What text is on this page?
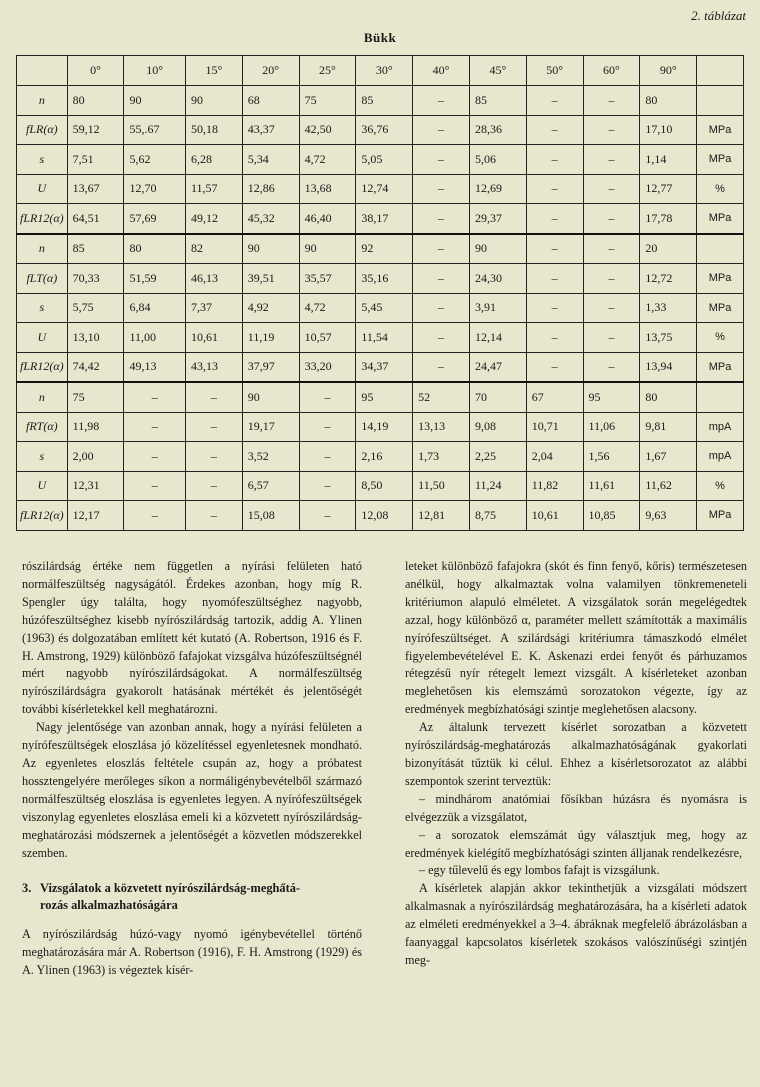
2. táblázat
Bükk
	0°	10°	15°	20°	25°	30°	40°	45°	50°	60°	90°	
n	80	90	90	68	75	85	–	85	–	–	80	
fLR(α)	59,12	55,.67	50,18	43,37	42,50	36,76	–	28,36	–	–	17,10	MPa
s	7,51	5,62	6,28	5,34	4,72	5,05	–	5,06	–	–	1,14	MPa
U	13,67	12,70	11,57	12,86	13,68	12,74	–	12,69	–	–	12,77	%
fLR12(α)	64,51	57,69	49,12	45,32	46,40	38,17	–	29,37	–	–	17,78	MPa
n	85	80	82	90	90	92	–	90	–	–	20	
fLT(α)	70,33	51,59	46,13	39,51	35,57	35,16	–	24,30	–	–	12,72	MPa
s	5,75	6,84	7,37	4,92	4,72	5,45	–	3,91	–	–	1,33	MPa
U	13,10	11,00	10,61	11,19	10,57	11,54	–	12,14	–	–	13,75	%
fLR12(α)	74,42	49,13	43,13	37,97	33,20	34,37	–	24,47	–	–	13,94	MPa
n	75	–	–	90	–	95	52	70	67	95	80	
fRT(α)	11,98	–	–	19,17	–	14,19	13,13	9,08	10,71	11,06	9,81	mpA
s	2,00	–	–	3,52	–	2,16	1,73	2,25	2,04	1,56	1,67	mpA
U	12,31	–	–	6,57	–	8,50	11,50	11,24	11,82	11,61	11,62	%
fLR12(α)	12,17	–	–	15,08	–	12,08	12,81	8,75	10,61	10,85	9,63	MPa

rószilárdság értéke nem független a nyírási felületen ható normálfeszültség nagyságától. Érdekes azonban, hogy míg R. Spengler úgy találta, hogy nyomófeszültséghez nagyobb, húzófeszültséghez kisebb nyírószilárdság tartozik, addig A. Ylinen (1963) és dolgozatában említett két kutató (A. Robertson, 1916 és F. H. Amstrong, 1929) különböző fafajokat vizsgálva húzófeszültségnél mért nagyobb nyírószilárdságokat. A normálfeszültség nyírószilárdságra gyakorolt hatásának mértékét és jelentőségét további kísérletekkel kell meghatározni.

Nagy jelentősége van azonban annak, hogy a nyírási felületen a nyírófeszültségek eloszlása jó közelítéssel egyenletesnek mondható. Az egyenletes eloszlás feltétele csupán az, hogy a próbatest hossztengelyére merőleges síkon a normáligénybevételből származó normálfeszültség eloszlása is egyenletes legyen. A nyírófeszültségek viszonylag egyenletes eloszlása emeli ki a közvetett nyírószilárdság-meghatározási módszernek a jelentőségét a közvetlen módszerekkel szemben.

3. Vizsgálatok a közvetett nyírószilárdság-megha̋tá-
rozás alkalmazhatóságára

A nyírószilárdság húzó-vagy nyomó igénybevétellel történő meghatározására már A. Robertson (1916), F. H. Amstrong (1929) és A. Ylinen (1963) is végeztek kísér-

leteket különböző fafajokra (skót és finn fenyő, kőris) természetesen anélkül, hogy alkalmaztak volna valamilyen tönkremeneteli kritériumon alapuló elméletet. A vizsgálatok során megelégedtek azzal, hogy különböző α, paraméter mellett számították a maximális nyírófeszültséget. A szilárdsági kritériumra támaszkodó elmélet figyelembevételével E. K. Askenazi erdei fenyőt és párhuzamos rétegzésű nyír rétegelt lemezt vizsgált. A kísérleteket azonban meglehetősen kis elemszámú sorozatokon végezte, így az eredmények megbízhatósági szintje meglehetősen alacsony.

Az általunk tervezett kísérlet sorozatban a közvetett nyírószilárdság-meghatározás alkalmazhatóságának gyakorlati bizonyítását tűztük ki célul. Ehhez a kísérletsorozatot az alábbi szempontok szerint terveztük:

– mindhárom anatómiai fősíkban húzásra és nyomásra is elvégezzük a vizsgálatot,

– a sorozatok elemszámát úgy választjuk meg, hogy az eredmények kielégítő megbízhatósági szinten álljanak rendelkezésre,

– egy tűlevelű és egy lombos fafajt is vizsgálunk.

A kísérletek alapján akkor tekinthetjük a vizsgálati módszert alkalmasnak a nyírószilárdság meghatározására, ha a kísérleti adatok az elméleti eredményekkel a 3–4. ábráknak megfelelő ábrázolásban a faanyaggal kapcsolatos kísérletek szokásos valószínűségi szintjén meg-
